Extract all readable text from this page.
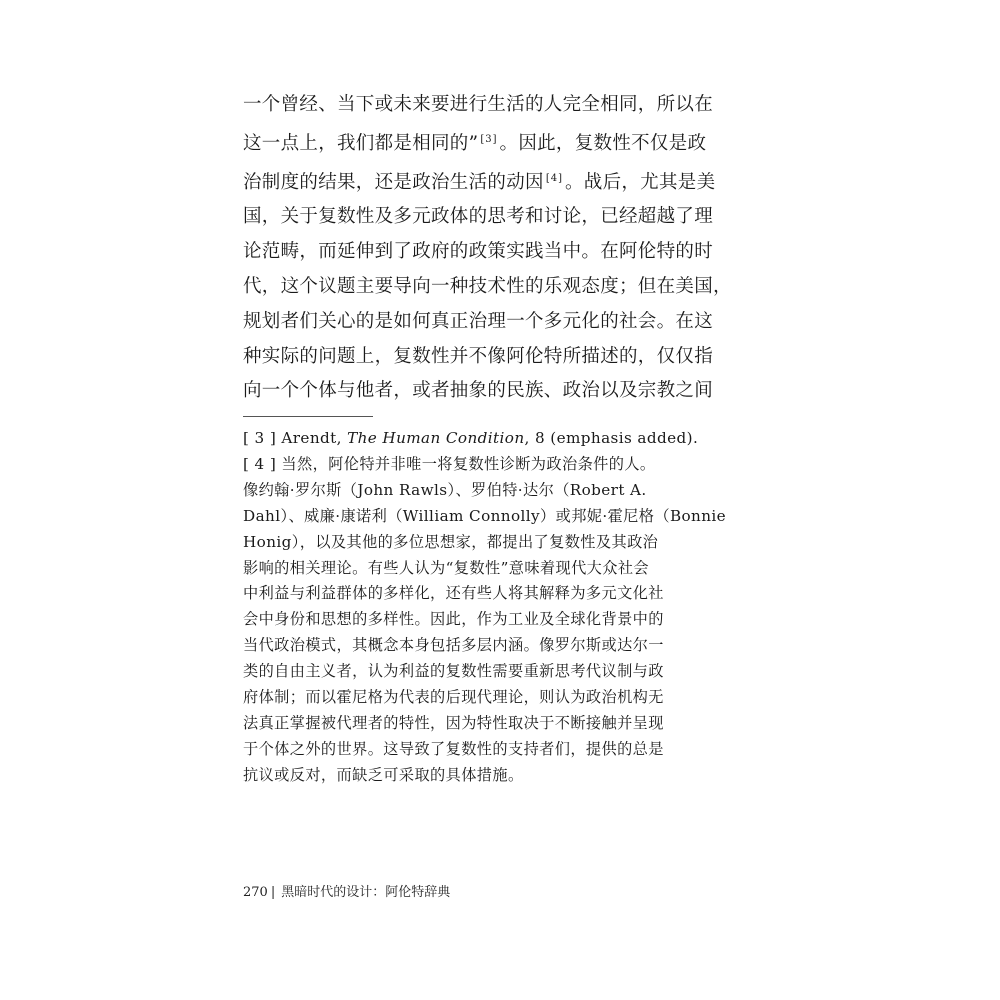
一个曾经、当下或未来要进行生活的人完全相同，所以在
这一点上，我们都是相同的” [3] 。因此，复数性不仅是政
治制度的结果，还是政治生活的动因 [4] 。战后，尤其是美
国，关于复数性及多元政体的思考和讨论，已经超越了理
论范畴，而延伸到了政府的政策实践当中。在阿伦特的时
代，这个议题主要导向一种技术性的乐观态度；但在美国，
规划者们关心的是如何真正治理一个多元化的社会。在这
种实际的问题上，复数性并不像阿伦特所描述的，仅仅指
向一个个体与他者，或者抽象的民族、政治以及宗教之间
[ 3 ] Arendt, The Human Condition, 8 (emphasis added).
[ 4 ] 当然，阿伦特并非唯一将复数性诊断为政治条件的人。
像约翰·罗尔斯（John Rawls）、罗伯特·达尔（Robert A.
Dahl）、威廉·康诺利（William Connolly）或邦妮·霍尼格（Bonnie
Honig），以及其他的多位思想家，都提出了复数性及其政治
影响的相关理论。有些人认为“复数性”意味着现代大众社会
中利益与利益群体的多样化，还有些人将其解释为多元文化社
会中身份和思想的多样性。因此，作为工业及全球化背景中的
当代政治模式，其概念本身包括多层内涵。像罗尔斯或达尔一
类的自由主义者，认为利益的复数性需要重新思考代议制与政
府体制；而以霍尼格为代表的后现代理论，则认为政治机构无
法真正掌握被代理者的特性，因为特性取决于不断接触并呈现
于个体之外的世界。这导致了复数性的支持者们，提供的总是
抗议或反对，而缺乏可采取的具体措施。
270 | 黑暗时代的设计：阿伦特辞典
